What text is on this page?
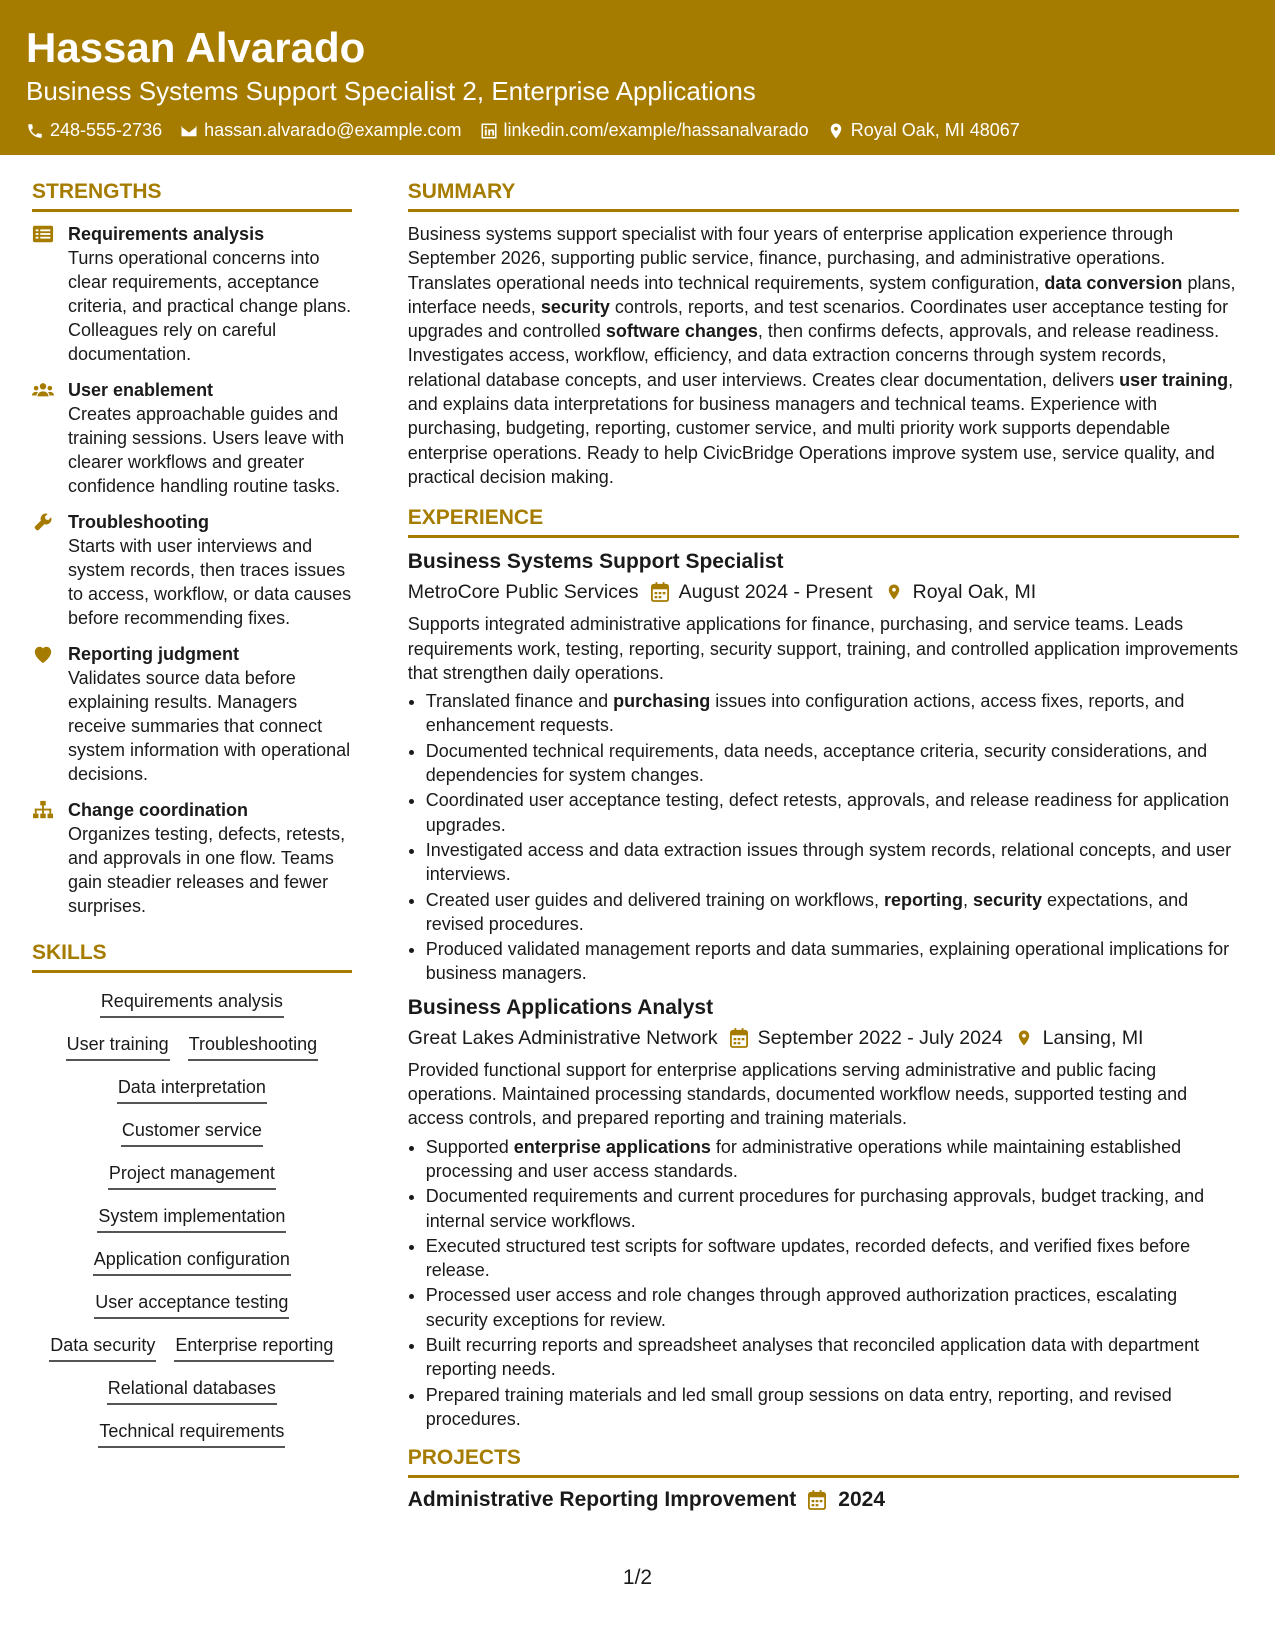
Hassan Alvarado
Business Systems Support Specialist 2, Enterprise Applications
248-555-2736 hassan.alvarado@example.com linkedin.com/example/hassanalvarado Royal Oak, MI 48067
STRENGTHS
Requirements analysis
Turns operational concerns into clear requirements, acceptance criteria, and practical change plans. Colleagues rely on careful documentation.
User enablement
Creates approachable guides and training sessions. Users leave with clearer workflows and greater confidence handling routine tasks.
Troubleshooting
Starts with user interviews and system records, then traces issues to access, workflow, or data causes before recommending fixes.
Reporting judgment
Validates source data before explaining results. Managers receive summaries that connect system information with operational decisions.
Change coordination
Organizes testing, defects, retests, and approvals in one flow. Teams gain steadier releases and fewer surprises.
SKILLS
Requirements analysis
User training Troubleshooting
Data interpretation
Customer service
Project management
System implementation
Application configuration
User acceptance testing
Data security Enterprise reporting
Relational databases
Technical requirements
SUMMARY
Business systems support specialist with four years of enterprise application experience through September 2026, supporting public service, finance, purchasing, and administrative operations. Translates operational needs into technical requirements, system configuration, data conversion plans, interface needs, security controls, reports, and test scenarios. Coordinates user acceptance testing for upgrades and controlled software changes, then confirms defects, approvals, and release readiness. Investigates access, workflow, efficiency, and data extraction concerns through system records, relational database concepts, and user interviews. Creates clear documentation, delivers user training, and explains data interpretations for business managers and technical teams. Experience with purchasing, budgeting, reporting, customer service, and multi priority work supports dependable enterprise operations. Ready to help CivicBridge Operations improve system use, service quality, and practical decision making.
EXPERIENCE
Business Systems Support Specialist
MetroCore Public Services August 2024 - Present Royal Oak, MI
Supports integrated administrative applications for finance, purchasing, and service teams. Leads requirements work, testing, reporting, security support, training, and controlled application improvements that strengthen daily operations.
• Translated finance and purchasing issues into configuration actions, access fixes, reports, and enhancement requests.
• Documented technical requirements, data needs, acceptance criteria, security considerations, and dependencies for system changes.
• Coordinated user acceptance testing, defect retests, approvals, and release readiness for application upgrades.
• Investigated access and data extraction issues through system records, relational concepts, and user interviews.
• Created user guides and delivered training on workflows, reporting, security expectations, and revised procedures.
• Produced validated management reports and data summaries, explaining operational implications for business managers.
Business Applications Analyst
Great Lakes Administrative Network September 2022 - July 2024 Lansing, MI
Provided functional support for enterprise applications serving administrative and public facing operations. Maintained processing standards, documented workflow needs, supported testing and access controls, and prepared reporting and training materials.
• Supported enterprise applications for administrative operations while maintaining established processing and user access standards.
• Documented requirements and current procedures for purchasing approvals, budget tracking, and internal service workflows.
• Executed structured test scripts for software updates, recorded defects, and verified fixes before release.
• Processed user access and role changes through approved authorization practices, escalating security exceptions for review.
• Built recurring reports and spreadsheet analyses that reconciled application data with department reporting needs.
• Prepared training materials and led small group sessions on data entry, reporting, and revised procedures.
PROJECTS
Administrative Reporting Improvement 2024
1/2
